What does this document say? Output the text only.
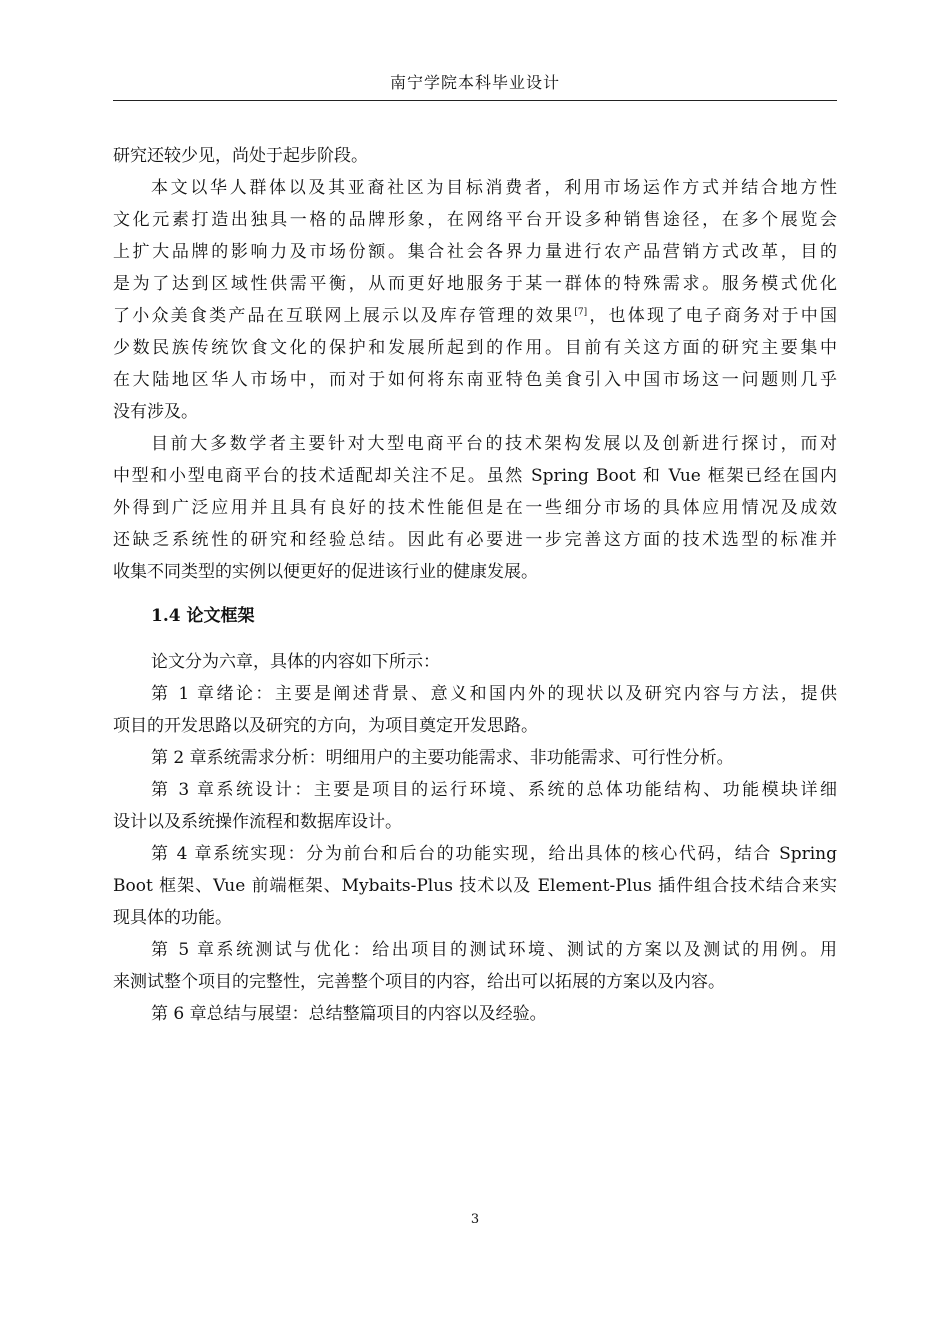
南宁学院本科毕业设计
研究还较少见，尚处于起步阶段。
本文以华人群体以及其亚裔社区为目标消费者，利用市场运作方式并结合地方性
文化元素打造出独具一格的品牌形象，在网络平台开设多种销售途径，在多个展览会
上扩大品牌的影响力及市场份额。集合社会各界力量进行农产品营销方式改革，目的
是为了达到区域性供需平衡，从而更好地服务于某一群体的特殊需求。服务模式优化
了小众美食类产品在互联网上展示以及库存管理的效果[7]，也体现了电子商务对于中国
少数民族传统饮食文化的保护和发展所起到的作用。目前有关这方面的研究主要集中
在大陆地区华人市场中，而对于如何将东南亚特色美食引入中国市场这一问题则几乎
没有涉及。
目前大多数学者主要针对大型电商平台的技术架构发展以及创新进行探讨，而对
中型和小型电商平台的技术适配却关注不足。虽然 Spring Boot 和 Vue 框架已经在国内
外得到广泛应用并且具有良好的技术性能但是在一些细分市场的具体应用情况及成效
还缺乏系统性的研究和经验总结。因此有必要进一步完善这方面的技术选型的标准并
收集不同类型的实例以便更好的促进该行业的健康发展。
1.4 论文框架
论文分为六章，具体的内容如下所示：
第 1 章绪论：主要是阐述背景、意义和国内外的现状以及研究内容与方法，提供
项目的开发思路以及研究的方向，为项目奠定开发思路。
第 2 章系统需求分析：明细用户的主要功能需求、非功能需求、可行性分析。
第 3 章系统设计：主要是项目的运行环境、系统的总体功能结构、功能模块详细
设计以及系统操作流程和数据库设计。
第 4 章系统实现：分为前台和后台的功能实现，给出具体的核心代码，结合 Spring
Boot 框架、Vue 前端框架、Mybaits-Plus 技术以及 Element-Plus 插件组合技术结合来实
现具体的功能。
第 5 章系统测试与优化：给出项目的测试环境、测试的方案以及测试的用例。用
来测试整个项目的完整性，完善整个项目的内容，给出可以拓展的方案以及内容。
第 6 章总结与展望：总结整篇项目的内容以及经验。
3
